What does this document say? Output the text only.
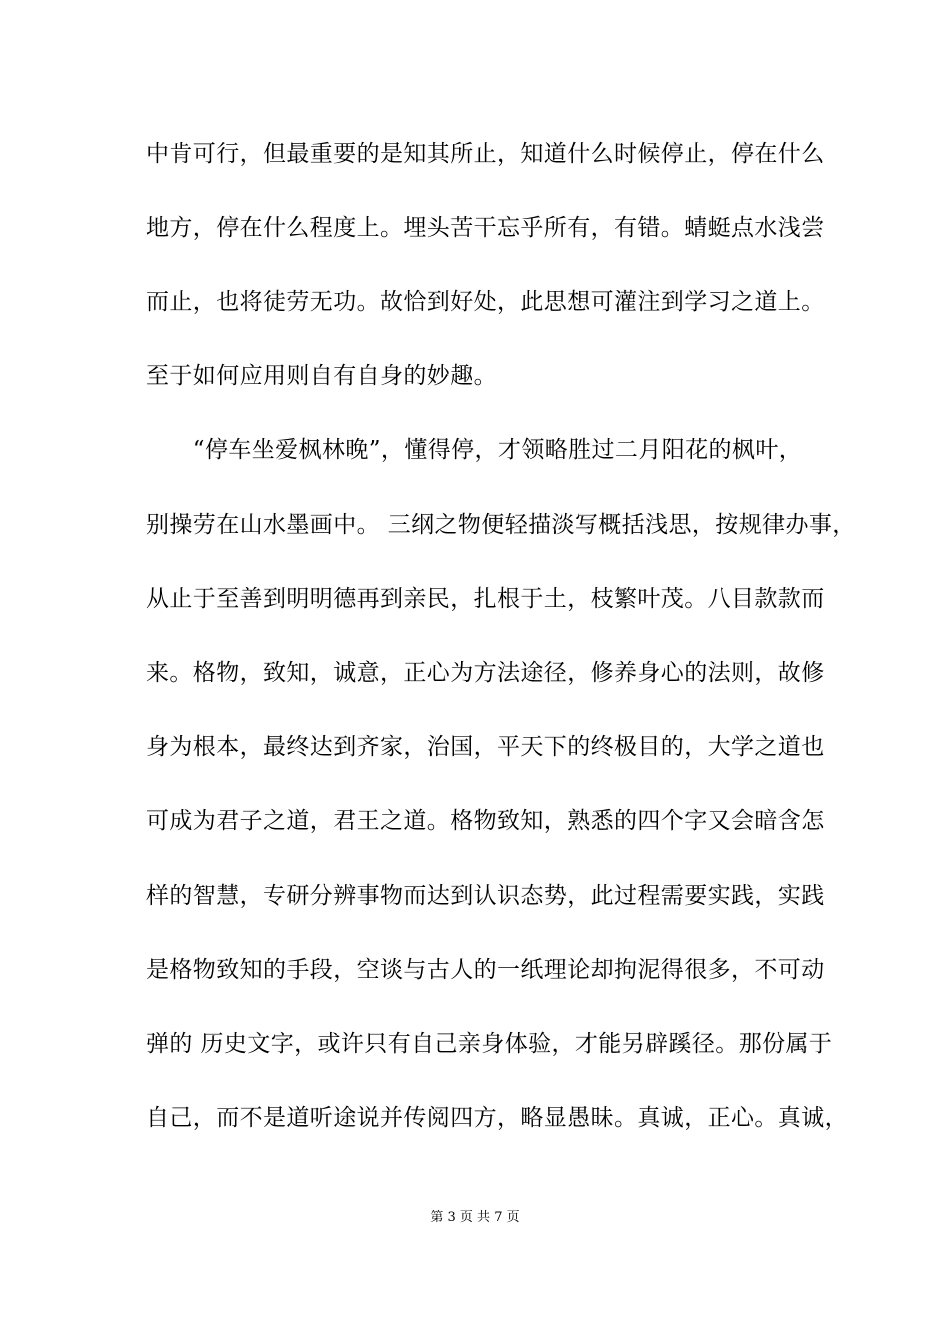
中肯可行，但最重要的是知其所止，知道什么时候停止，停在什么
地方，停在什么程度上。埋头苦干忘乎所有，有错。蜻蜓点水浅尝
而止，也将徒劳无功。故恰到好处，此思想可灌注到学习之道上。
至于如何应用则自有自身的妙趣。
　　“停车坐爱枫林晚”，懂得停，才领略胜过二月阳花的枫叶，
别操劳在山水墨画中。 三纲之物便轻描淡写概括浅思，按规律办事，
从止于至善到明明德再到亲民，扎根于土，枝繁叶茂。八目款款而
来。格物，致知，诚意，正心为方法途径，修养身心的法则，故修
身为根本，最终达到齐家，治国，平天下的终极目的，大学之道也
可成为君子之道，君王之道。格物致知，熟悉的四个字又会暗含怎
样的智慧，专研分辨事物而达到认识态势，此过程需要实践，实践
是格物致知的手段，空谈与古人的一纸理论却拘泥得很多，不可动
弹的 历史文字，或许只有自己亲身体验，才能另辟蹊径。那份属于
自己，而不是道听途说并传阅四方，略显愚昧。真诚，正心。真诚，
第 3 页 共 7 页
